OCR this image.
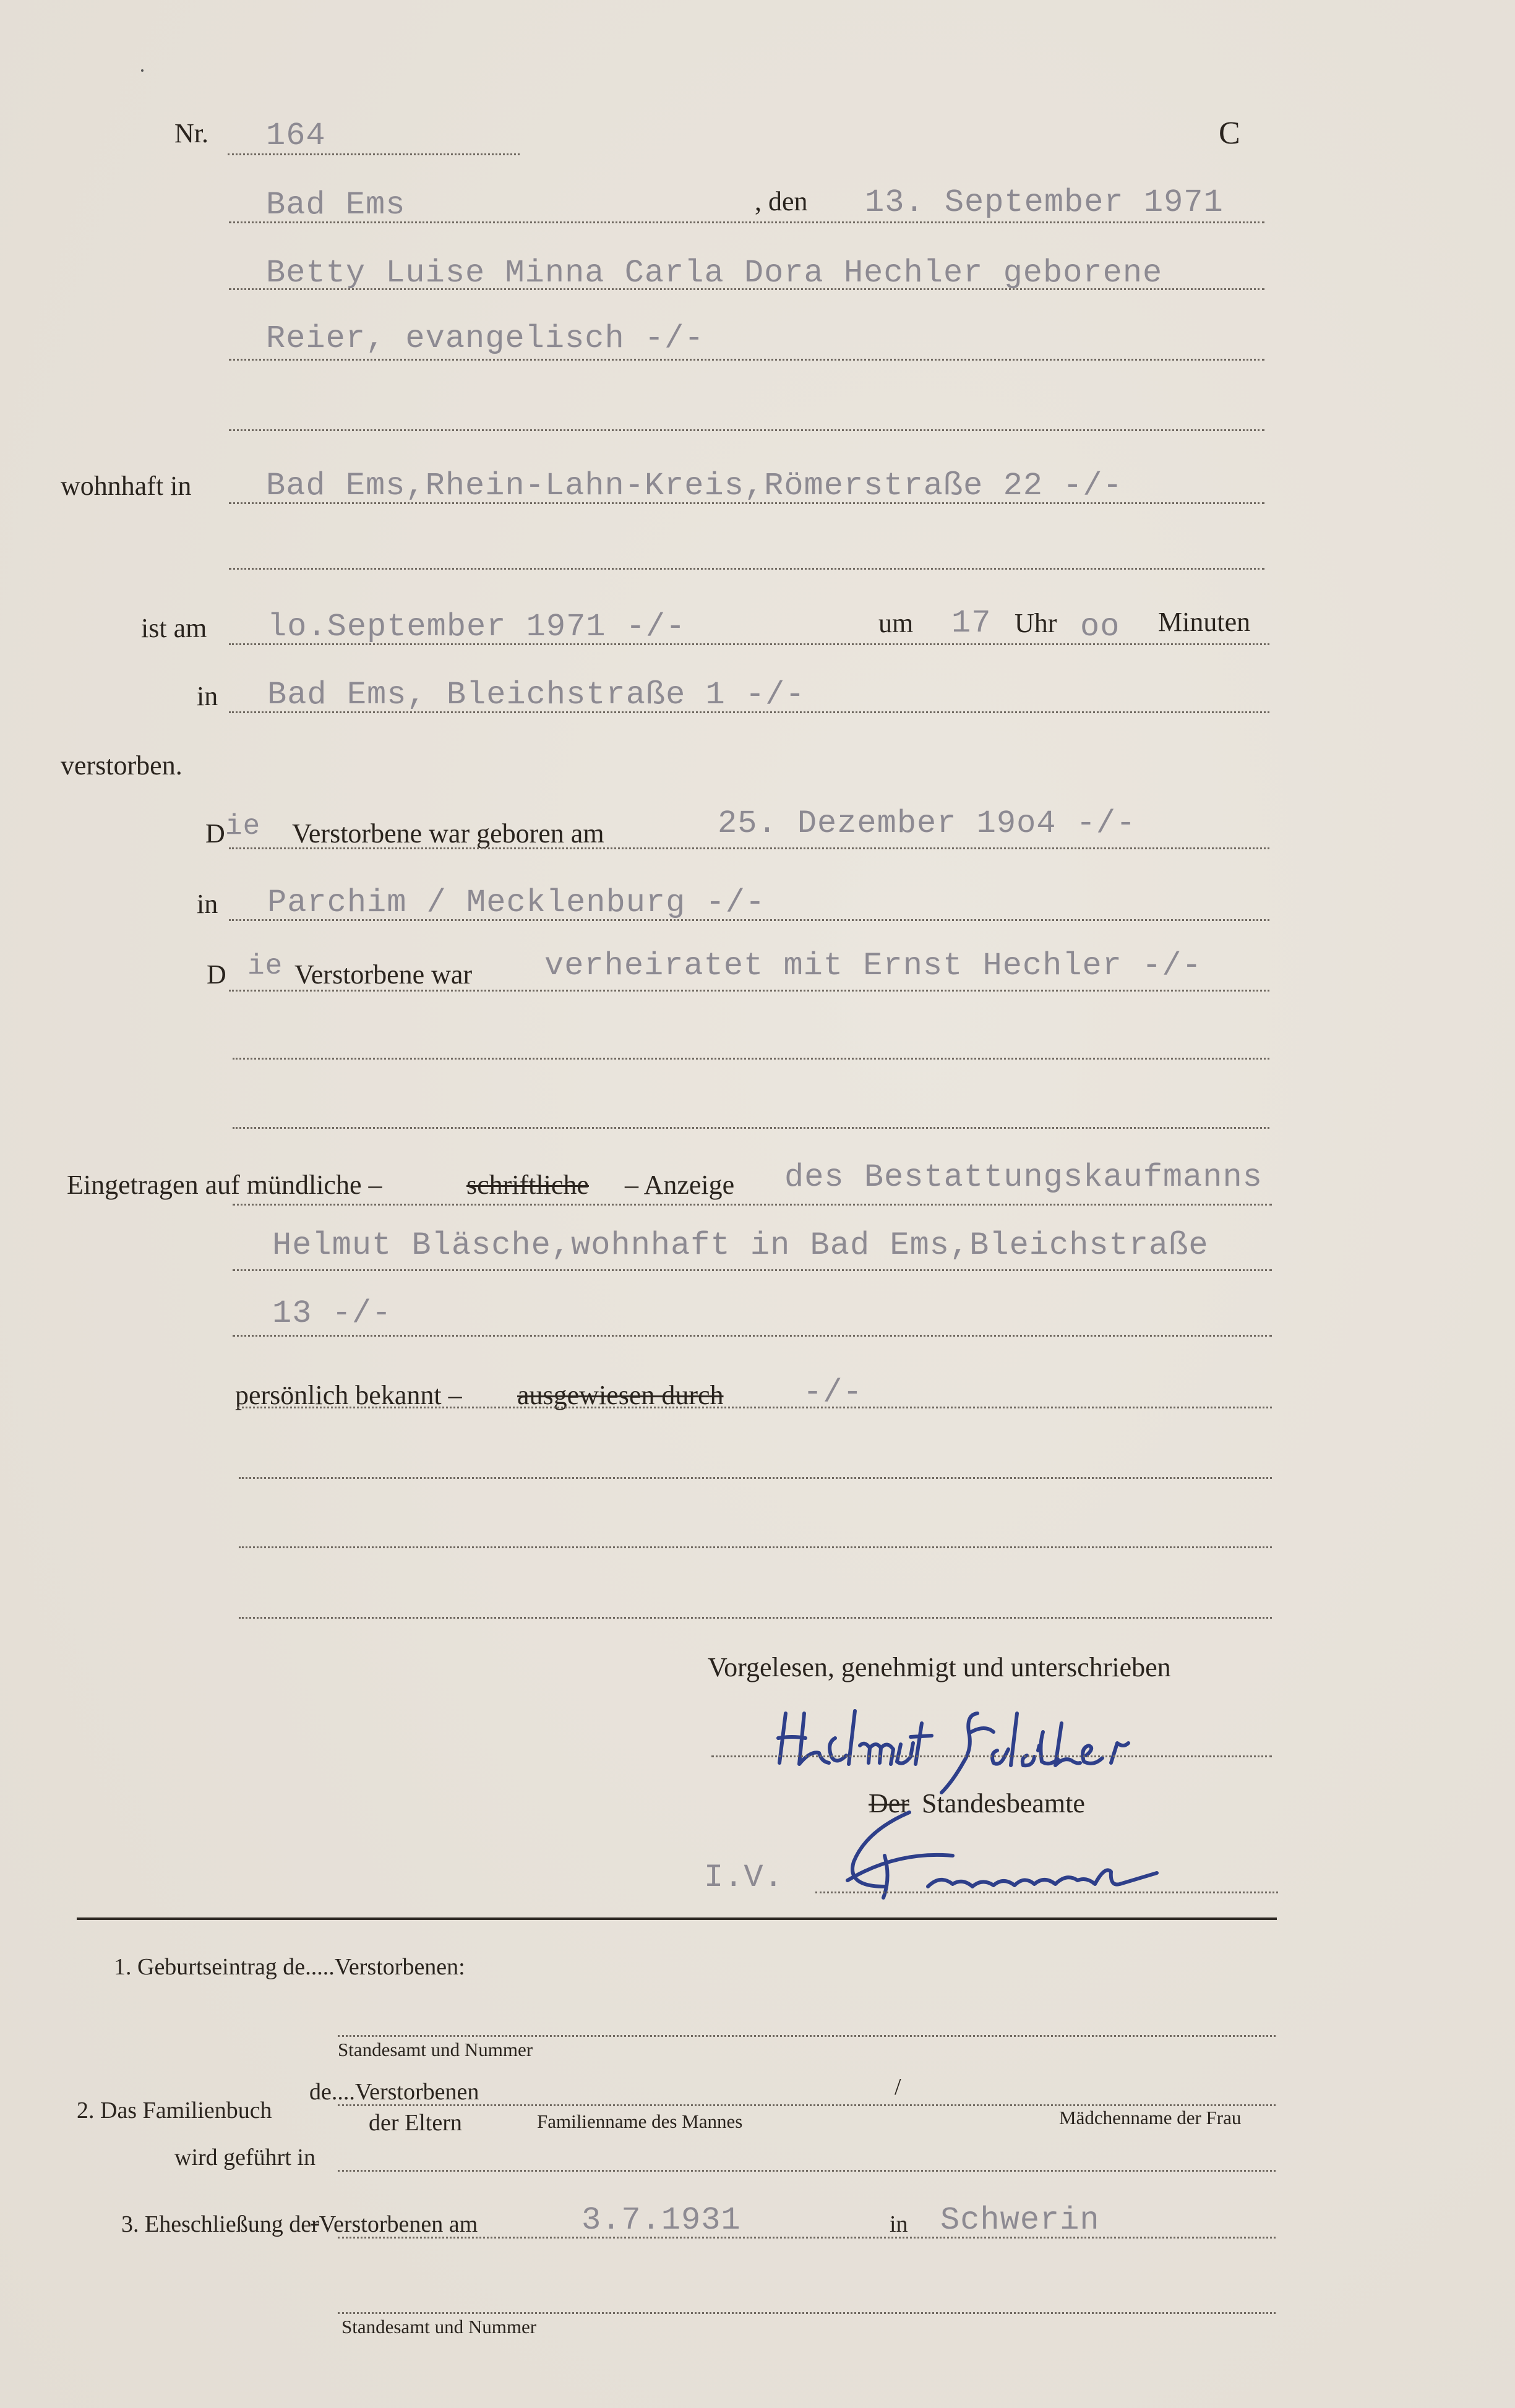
Nr. 164	C
Bad Ems	, den 13. September 1971
Betty Luise Minna Carla Dora Hechler geborene
Reier, evangelisch -/-
wohnhaft in Bad Ems,Rhein-Lahn-Kreis,Römerstraße 22 -/-
ist am lo.September 1971 -/-	um 17 Uhr oo Minuten
in Bad Ems, Bleichstraße 1 -/-
verstorben.
D ie Verstorbene war geboren am	25. Dezember 19o4 -/-
in Parchim / Mecklenburg -/-
D ie Verstorbene war verheiratet mit Ernst Hechler -/-
Eingetragen auf mündliche –	schriftliche – Anzeige des Bestattungskaufmanns
Helmut Bläsche,wohnhaft in Bad Ems,Bleichstraße
13 -/-
persönlich bekannt – ausgewiesen durch -/-
Vorgelesen, genehmigt und unterschrieben
Der Standesbeamte
I.V.
1. Geburtseintrag de.....Verstorbenen:
Standesamt und Nummer
2. Das Familienbuch
de....Verstorbenen	/
der Eltern	Familienname des Mannes	Mädchenname der Frau
wird geführt in
3. Eheschließung derVerstorbenen am	3.7.1931	in Schwerin
Standesamt und Nummer
